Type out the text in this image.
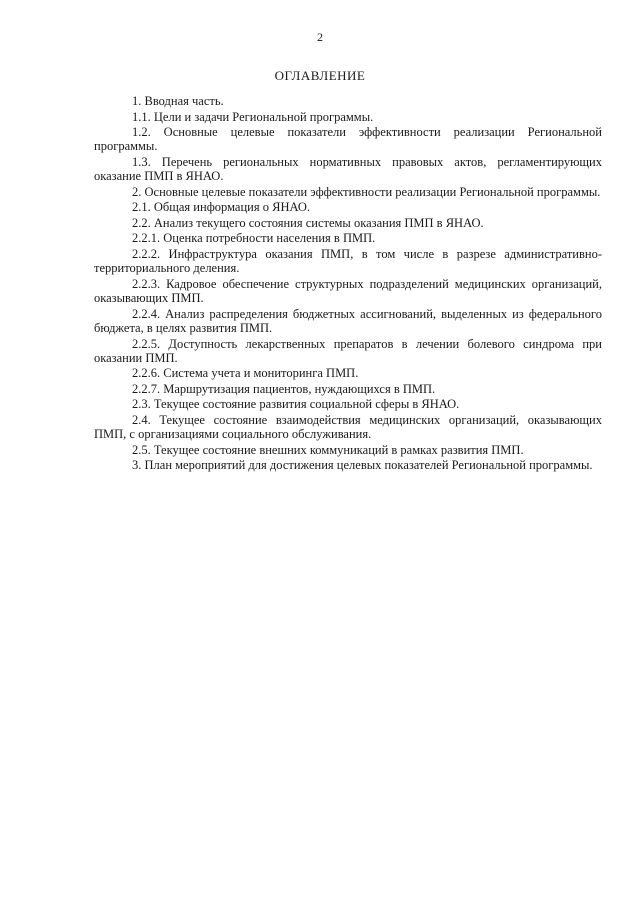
2
ОГЛАВЛЕНИЕ

1. Вводная часть.

1.1. Цели и задачи Региональной программы.

1.2. Основные целевые показатели эффективности реализации Региональной программы.

1.3. Перечень региональных нормативных правовых актов, регламентирующих оказание ПМП в ЯНАО.

2. Основные целевые показатели эффективности реализации Региональной программы.

2.1. Общая информация о ЯНАО.

2.2. Анализ текущего состояния системы оказания ПМП в ЯНАО.

2.2.1. Оценка потребности населения в ПМП.

2.2.2. Инфраструктура оказания ПМП, в том числе в разрезе административно-территориального деления.

2.2.3. Кадровое обеспечение структурных подразделений медицинских организаций, оказывающих ПМП.

2.2.4. Анализ распределения бюджетных ассигнований, выделенных из федерального бюджета, в целях развития ПМП.

2.2.5. Доступность лекарственных препаратов в лечении болевого синдрома при оказании ПМП.

2.2.6. Система учета и мониторинга ПМП.

2.2.7. Маршрутизация пациентов, нуждающихся в ПМП.

2.3. Текущее состояние развития социальной сферы в ЯНАО.

2.4. Текущее состояние взаимодействия медицинских организаций, оказывающих ПМП, с организациями социального обслуживания.

2.5. Текущее состояние внешних коммуникаций в рамках развития ПМП.

3. План мероприятий для достижения целевых показателей Региональной программы.
